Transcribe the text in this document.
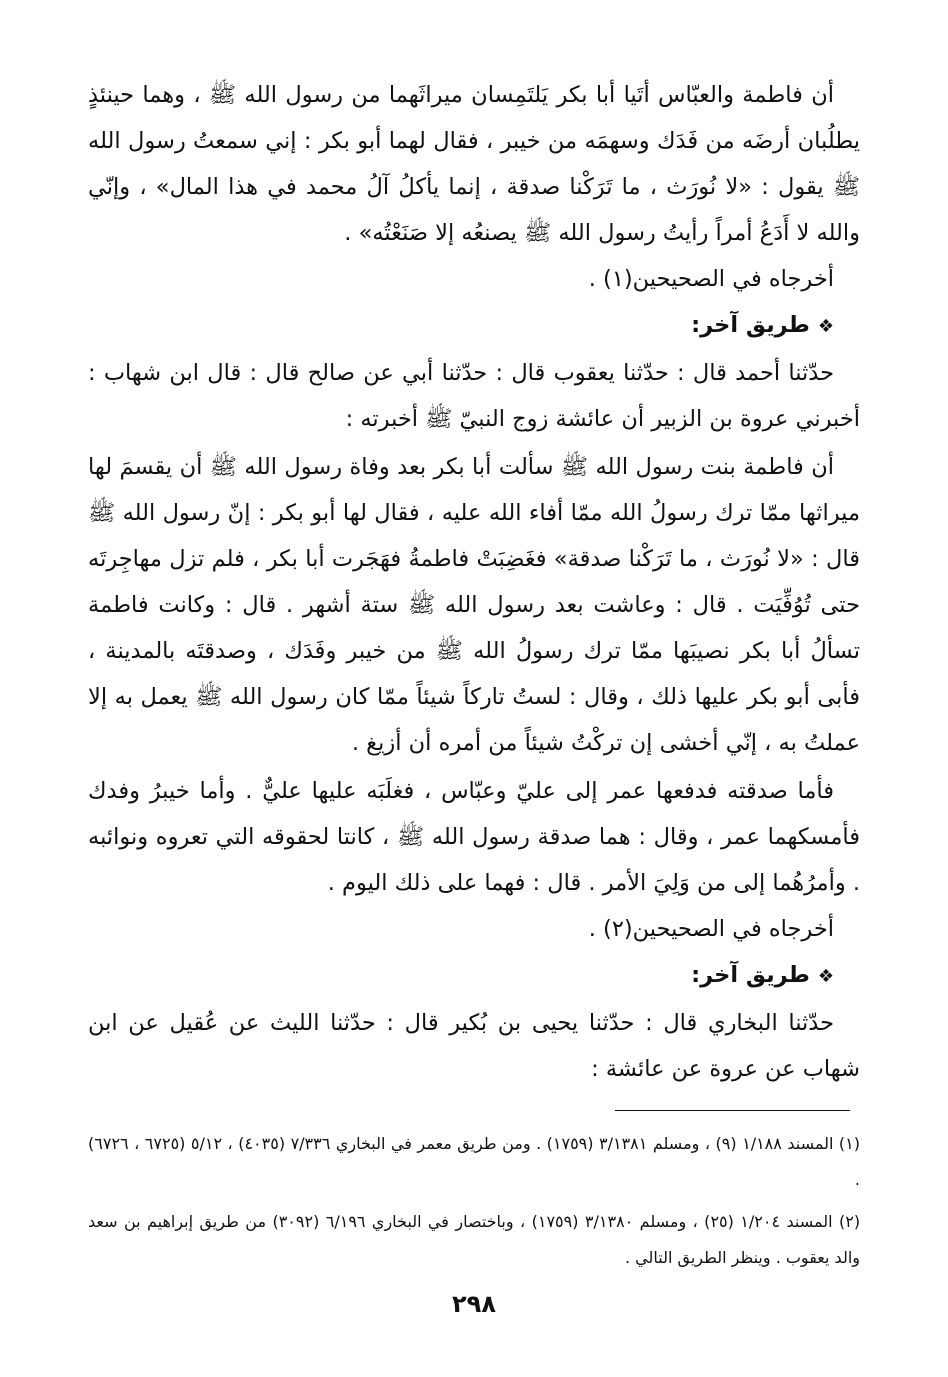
أن فاطمة والعبّاس أتَيا أبا بكر يَلتَمِسان ميراثَهما من رسول الله ﷺ ، وهما حينئذٍ يطلُبان أرضَه من فَدَك وسهمَه من خيبر ، فقال لهما أبو بكر : إني سمعتُ رسول الله ﷺ يقول : «لا نُورَث ، ما تَرَكْنا صدقة ، إنما يأكلُ آلُ محمد في هذا المال» ، وإنّي والله لا أَدَعُ أمراً رأيتُ رسول الله ﷺ يصنعُه إلا صَنَعْتُه» .

أخرجاه في الصحيحين(١) .

❖طريق آخر:

حدّثنا أحمد قال : حدّثنا يعقوب قال : حدّثنا أبي عن صالح قال : قال ابن شهاب : أخبرني عروة بن الزبير أن عائشة زوج النبيّ ﷺ أخبرته :

أن فاطمة بنت رسول الله ﷺ سألت أبا بكر بعد وفاة رسول الله ﷺ أن يقسمَ لها ميراثها ممّا ترك رسولُ الله ممّا أفاء الله عليه ، فقال لها أبو بكر : إنّ رسول الله ﷺ قال : «لا نُورَث ، ما تَرَكْنا صدقة» فغَضِبَتْ فاطمةُ فهَجَرت أبا بكر ، فلم تزل مهاجِرتَه حتى تُوُفِّيَت . قال : وعاشت بعد رسول الله ﷺ ستة أشهر . قال : وكانت فاطمة تسألُ أبا بكر نصيبَها ممّا ترك رسولُ الله ﷺ من خيبر وفَدَك ، وصدقتَه بالمدينة ، فأبى أبو بكر عليها ذلك ، وقال : لستُ تاركاً شيئاً ممّا كان رسول الله ﷺ يعمل به إلا عملتُ به ، إنّي أخشى إن تركْتُ شيئاً من أمره أن أزيغ .

فأما صدقته فدفعها عمر إلى عليّ وعبّاس ، فغلَبَه عليها عليٌّ . وأما خيبرُ وفدك فأمسكهما عمر ، وقال : هما صدقة رسول الله ﷺ ، كانتا لحقوقه التي تعروه ونوائبه . وأمرُهُما إلى من وَلِيَ الأمر . قال : فهما على ذلك اليوم .

أخرجاه في الصحيحين(٢) .

❖طريق آخر:

حدّثنا البخاري قال : حدّثنا يحيى بن بُكير قال : حدّثنا الليث عن عُقيل عن ابن شهاب عن عروة عن عائشة :

(١) المسند ١/١٨٨ (٩) ، ومسلم ٣/١٣٨١ (١٧٥٩) . ومن طريق معمر في البخاري ٧/٣٣٦ (٤٠٣٥) ، ٥/١٢ (٦٧٢٥ ، ٦٧٢٦) .

(٢) المسند ١/٢٠٤ (٢٥) ، ومسلم ٣/١٣٨٠ (١٧٥٩) ، وباختصار في البخاري ٦/١٩٦ (٣٠٩٢) من طريق إبراهيم بن سعد والد يعقوب . وينظر الطريق التالي .

٢٩٨
